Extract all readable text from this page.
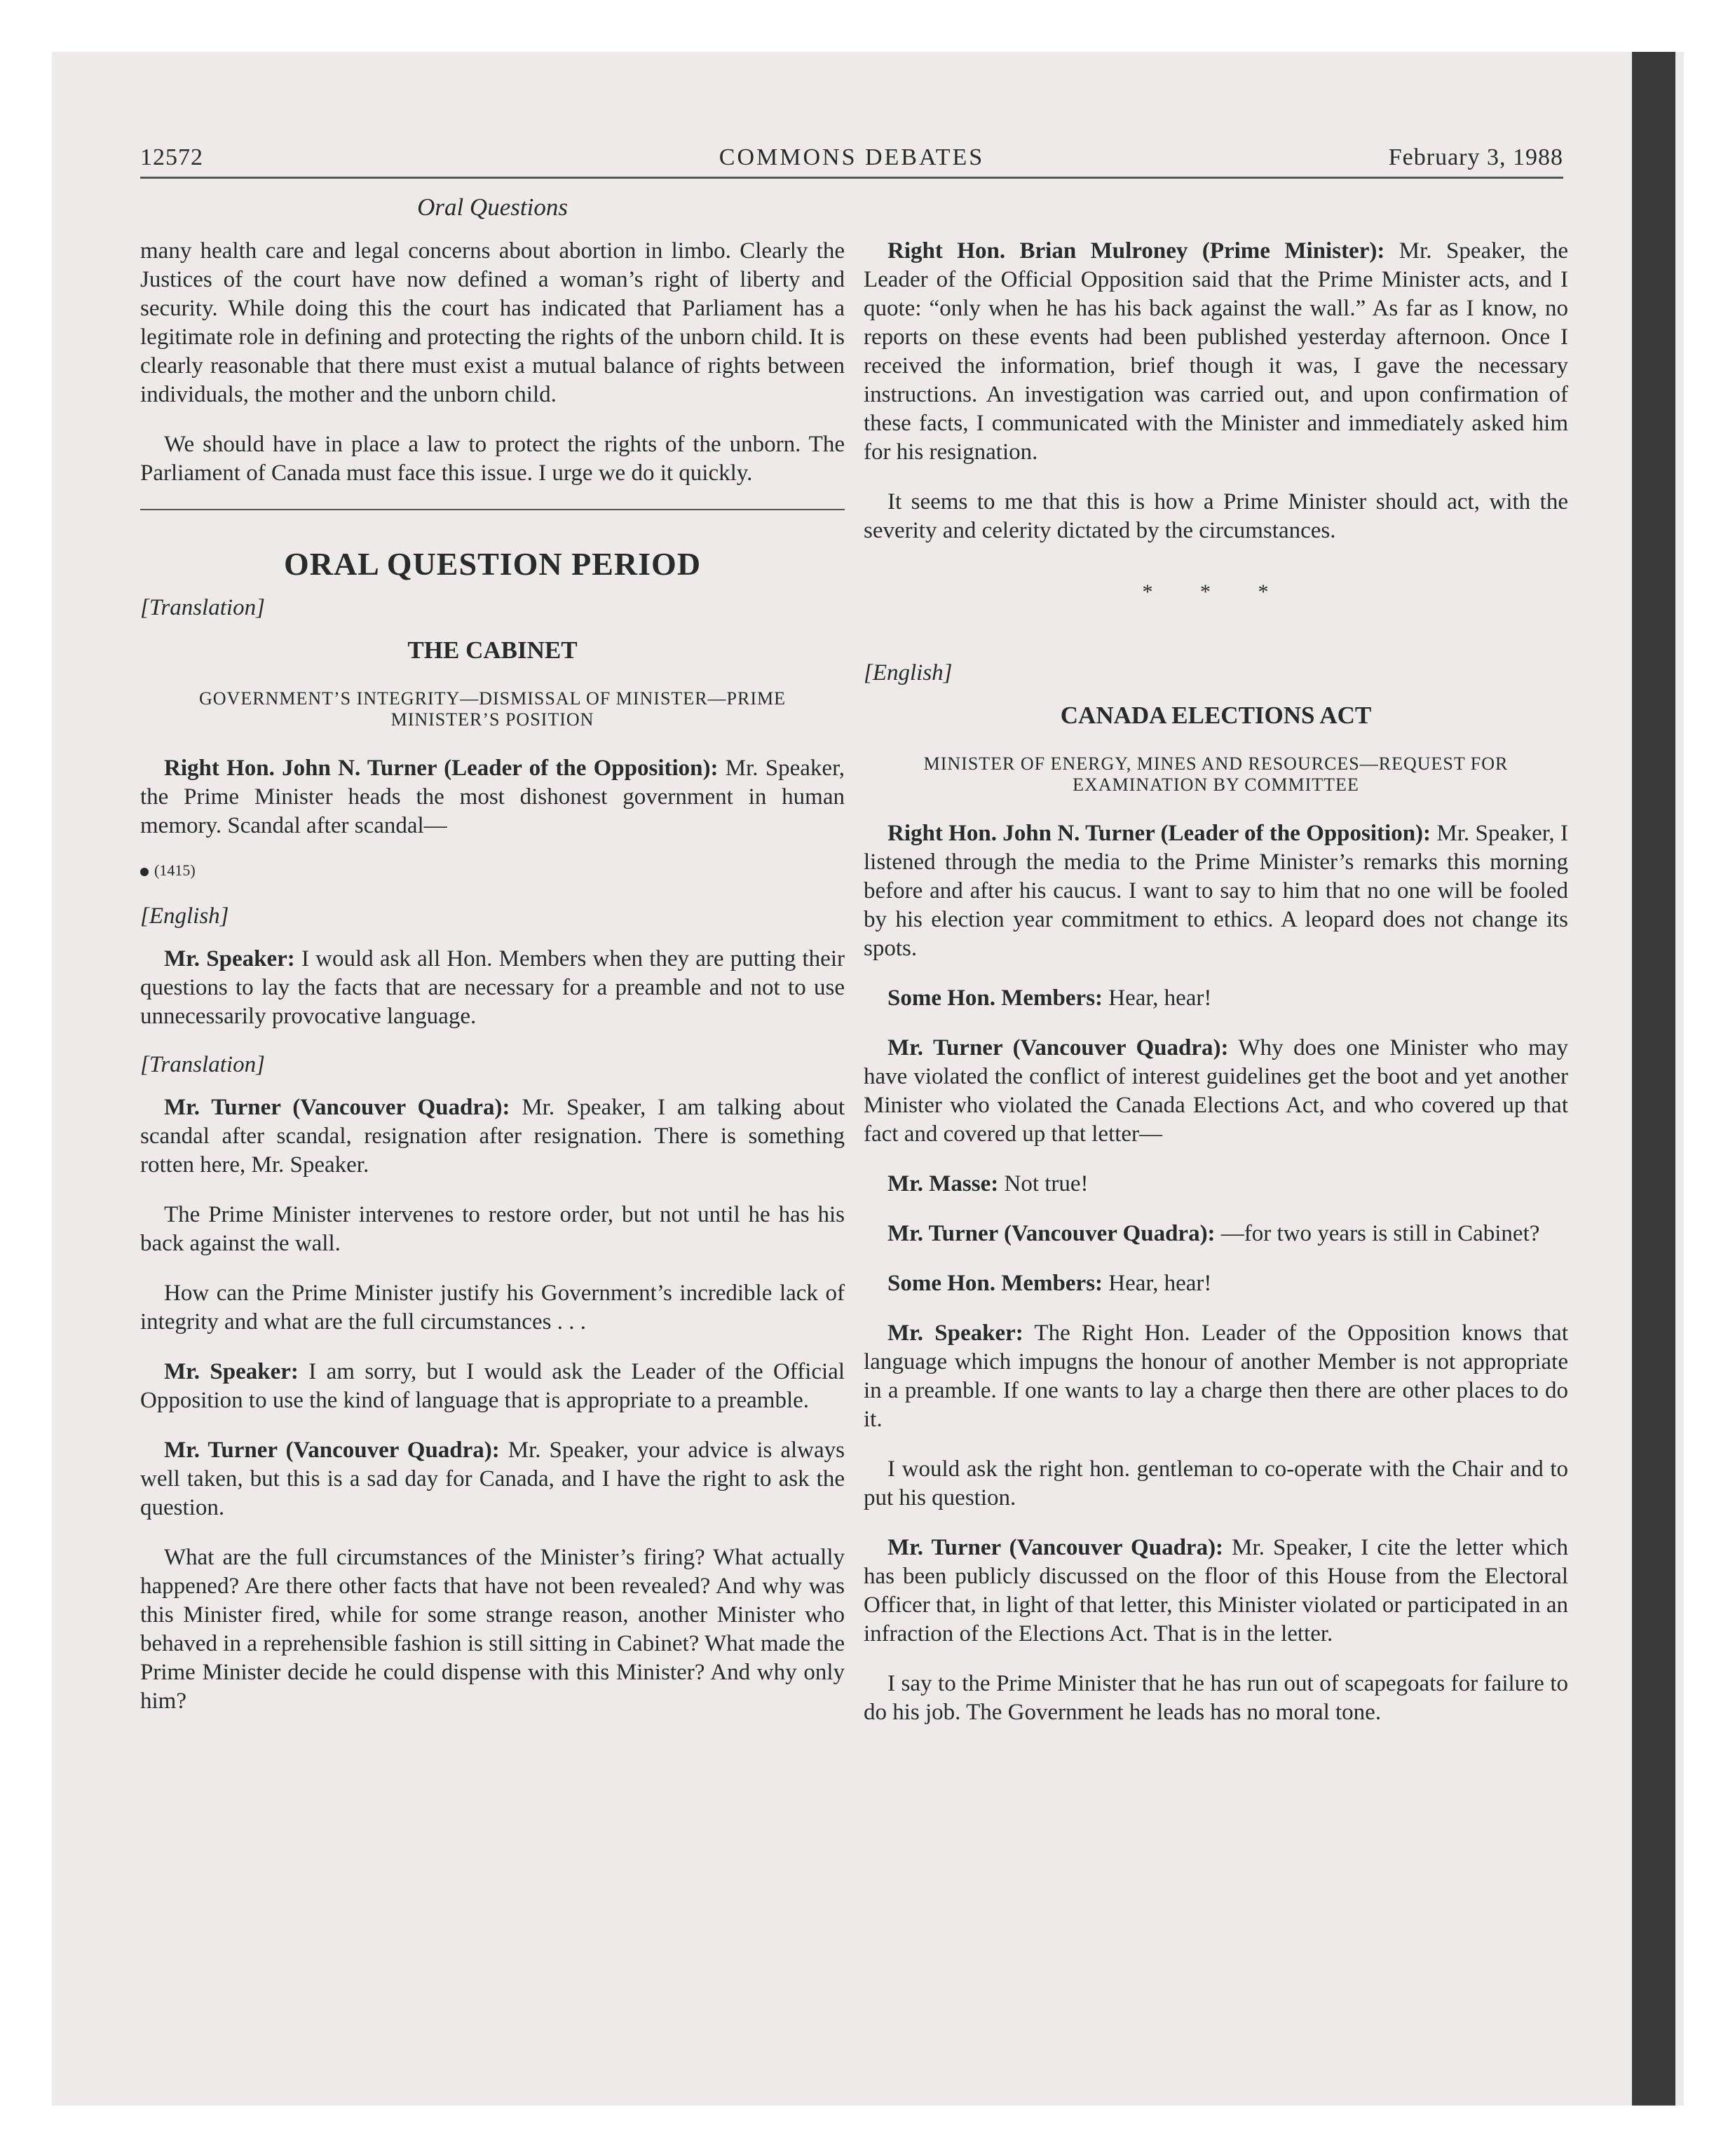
12572	COMMONS DEBATES	February 3, 1988
Oral Questions

many health care and legal concerns about abortion in limbo. Clearly the Justices of the court have now defined a woman’s right of liberty and security. While doing this the court has indicated that Parliament has a legitimate role in defining and protecting the rights of the unborn child. It is clearly reasonable that there must exist a mutual balance of rights between individuals, the mother and the unborn child.

We should have in place a law to protect the rights of the unborn. The Parliament of Canada must face this issue. I urge we do it quickly.

ORAL QUESTION PERIOD
[Translation]
THE CABINET
GOVERNMENT’S INTEGRITY—DISMISSAL OF MINISTER—PRIME MINISTER’S POSITION

Right Hon. John N. Turner (Leader of the Opposition): Mr. Speaker, the Prime Minister heads the most dishonest government in human memory. Scandal after scandal—

(1415)
[English]

Mr. Speaker: I would ask all Hon. Members when they are putting their questions to lay the facts that are necessary for a preamble and not to use unnecessarily provocative language.

[Translation]

Mr. Turner (Vancouver Quadra): Mr. Speaker, I am talking about scandal after scandal, resignation after resignation. There is something rotten here, Mr. Speaker.

The Prime Minister intervenes to restore order, but not until he has his back against the wall.

How can the Prime Minister justify his Government’s incredible lack of integrity and what are the full circumstances . . .

Mr. Speaker: I am sorry, but I would ask the Leader of the Official Opposition to use the kind of language that is appropriate to a preamble.

Mr. Turner (Vancouver Quadra): Mr. Speaker, your advice is always well taken, but this is a sad day for Canada, and I have the right to ask the question.

What are the full circumstances of the Minister’s firing? What actually happened? Are there other facts that have not been revealed? And why was this Minister fired, while for some strange reason, another Minister who behaved in a reprehensible fashion is still sitting in Cabinet? What made the Prime Minister decide he could dispense with this Minister? And why only him?

Right Hon. Brian Mulroney (Prime Minister): Mr. Speaker, the Leader of the Official Opposition said that the Prime Minister acts, and I quote: “only when he has his back against the wall.” As far as I know, no reports on these events had been published yesterday afternoon. Once I received the information, brief though it was, I gave the necessary instructions. An investigation was carried out, and upon confirmation of these facts, I communicated with the Minister and immediately asked him for his resignation.

It seems to me that this is how a Prime Minister should act, with the severity and celerity dictated by the circumstances.

* * *
[English]
CANADA ELECTIONS ACT
MINISTER OF ENERGY, MINES AND RESOURCES—REQUEST FOR EXAMINATION BY COMMITTEE

Right Hon. John N. Turner (Leader of the Opposition): Mr. Speaker, I listened through the media to the Prime Minister’s remarks this morning before and after his caucus. I want to say to him that no one will be fooled by his election year commitment to ethics. A leopard does not change its spots.

Some Hon. Members: Hear, hear!

Mr. Turner (Vancouver Quadra): Why does one Minister who may have violated the conflict of interest guidelines get the boot and yet another Minister who violated the Canada Elections Act, and who covered up that fact and covered up that letter—

Mr. Masse: Not true!

Mr. Turner (Vancouver Quadra): —for two years is still in Cabinet?

Some Hon. Members: Hear, hear!

Mr. Speaker: The Right Hon. Leader of the Opposition knows that language which impugns the honour of another Member is not appropriate in a preamble. If one wants to lay a charge then there are other places to do it.

I would ask the right hon. gentleman to co-operate with the Chair and to put his question.

Mr. Turner (Vancouver Quadra): Mr. Speaker, I cite the letter which has been publicly discussed on the floor of this House from the Electoral Officer that, in light of that letter, this Minister violated or participated in an infraction of the Elections Act. That is in the letter.

I say to the Prime Minister that he has run out of scapegoats for failure to do his job. The Government he leads has no moral tone.
